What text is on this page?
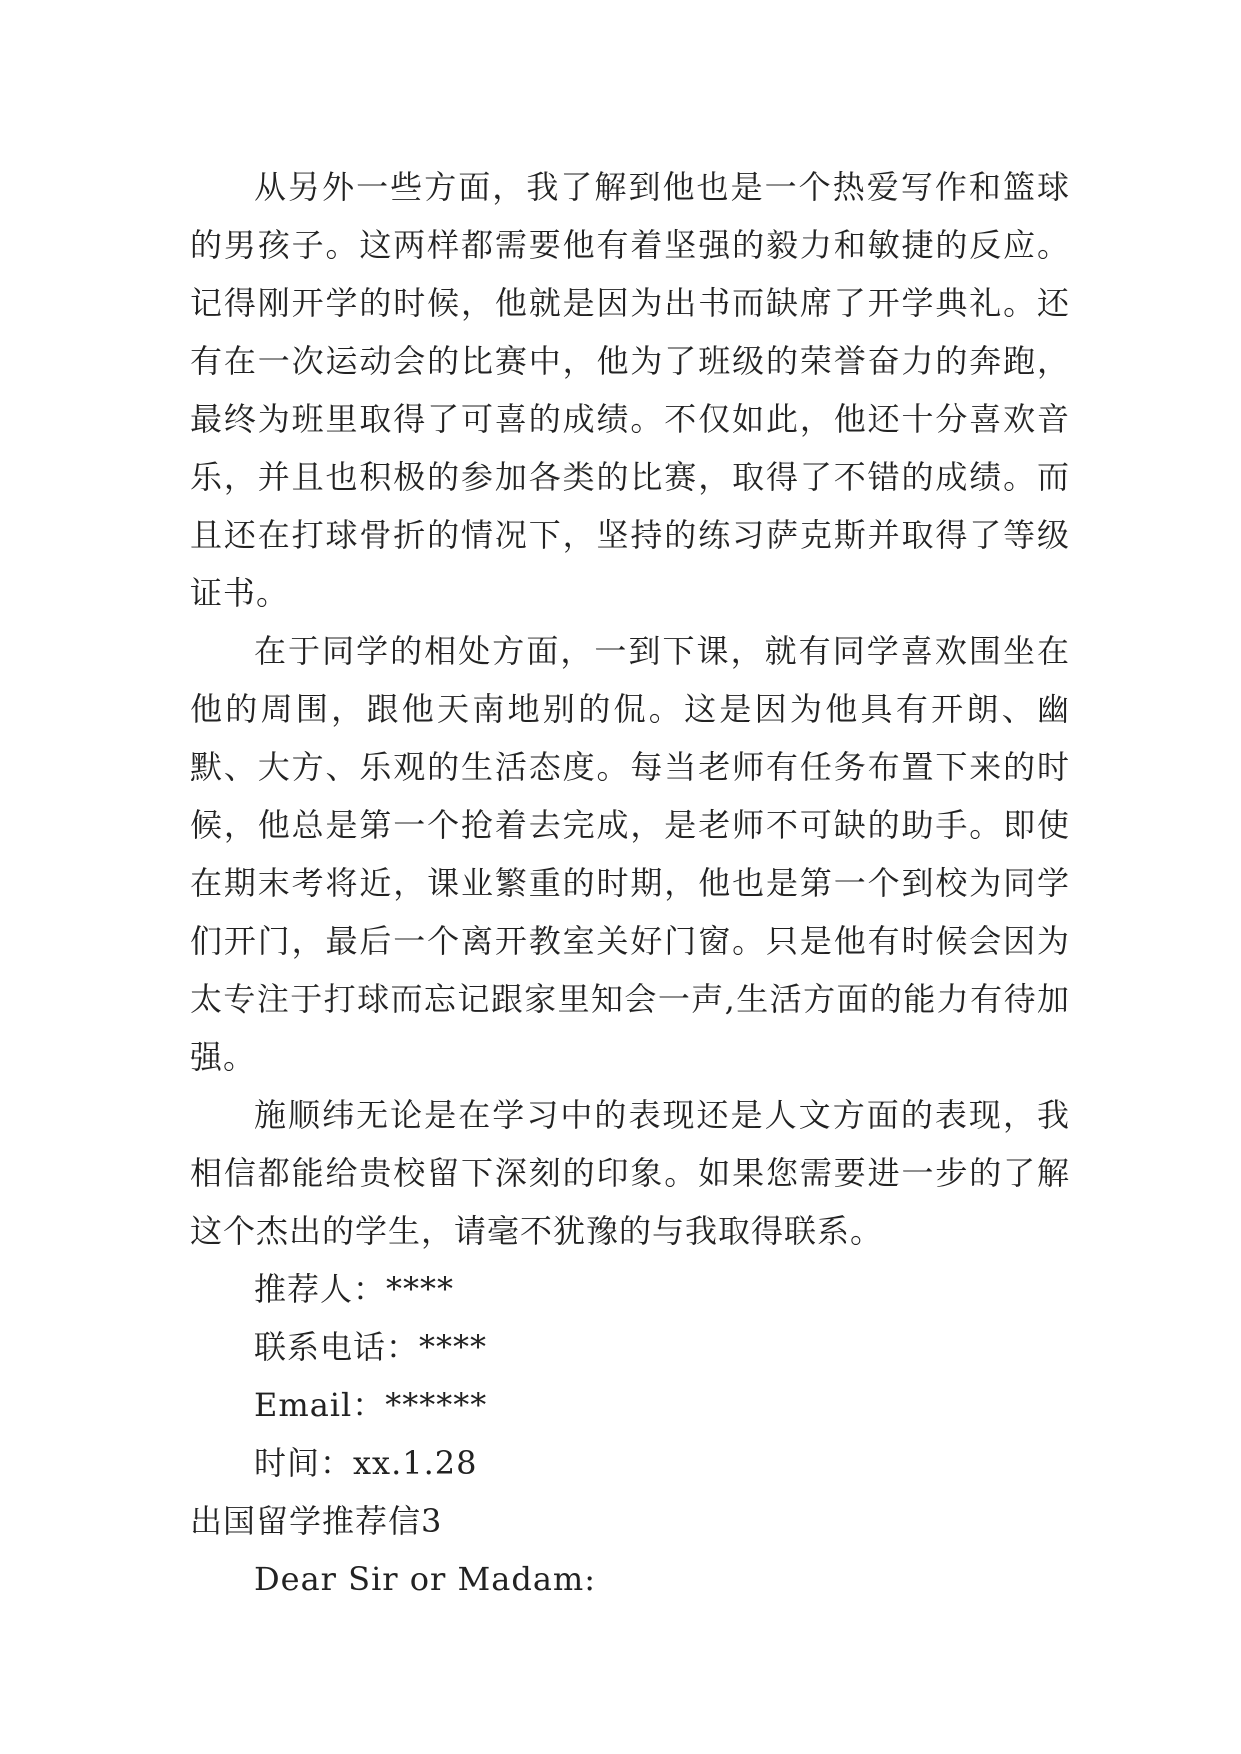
从另外一些方面，我了解到他也是一个热爱写作和篮球的男孩子。这两样都需要他有着坚强的毅力和敏捷的反应。记得刚开学的时候，他就是因为出书而缺席了开学典礼。还有在一次运动会的比赛中，他为了班级的荣誉奋力的奔跑，最终为班里取得了可喜的成绩。不仅如此，他还十分喜欢音乐，并且也积极的参加各类的比赛，取得了不错的成绩。而且还在打球骨折的情况下，坚持的练习萨克斯并取得了等级证书。

在于同学的相处方面，一到下课，就有同学喜欢围坐在他的周围，跟他天南地别的侃。这是因为他具有开朗、幽默、大方、乐观的生活态度。每当老师有任务布置下来的时候，他总是第一个抢着去完成，是老师不可缺的助手。即使在期末考将近，课业繁重的时期，他也是第一个到校为同学们开门，最后一个离开教室关好门窗。只是他有时候会因为太专注于打球而忘记跟家里知会一声,生活方面的能力有待加强。

施顺纬无论是在学习中的表现还是人文方面的表现，我相信都能给贵校留下深刻的印象。如果您需要进一步的了解这个杰出的学生，请毫不犹豫的与我取得联系。

推荐人：****

联系电话：****

Email：******

时间：xx.1.28

出国留学推荐信3

Dear Sir or Madam:
